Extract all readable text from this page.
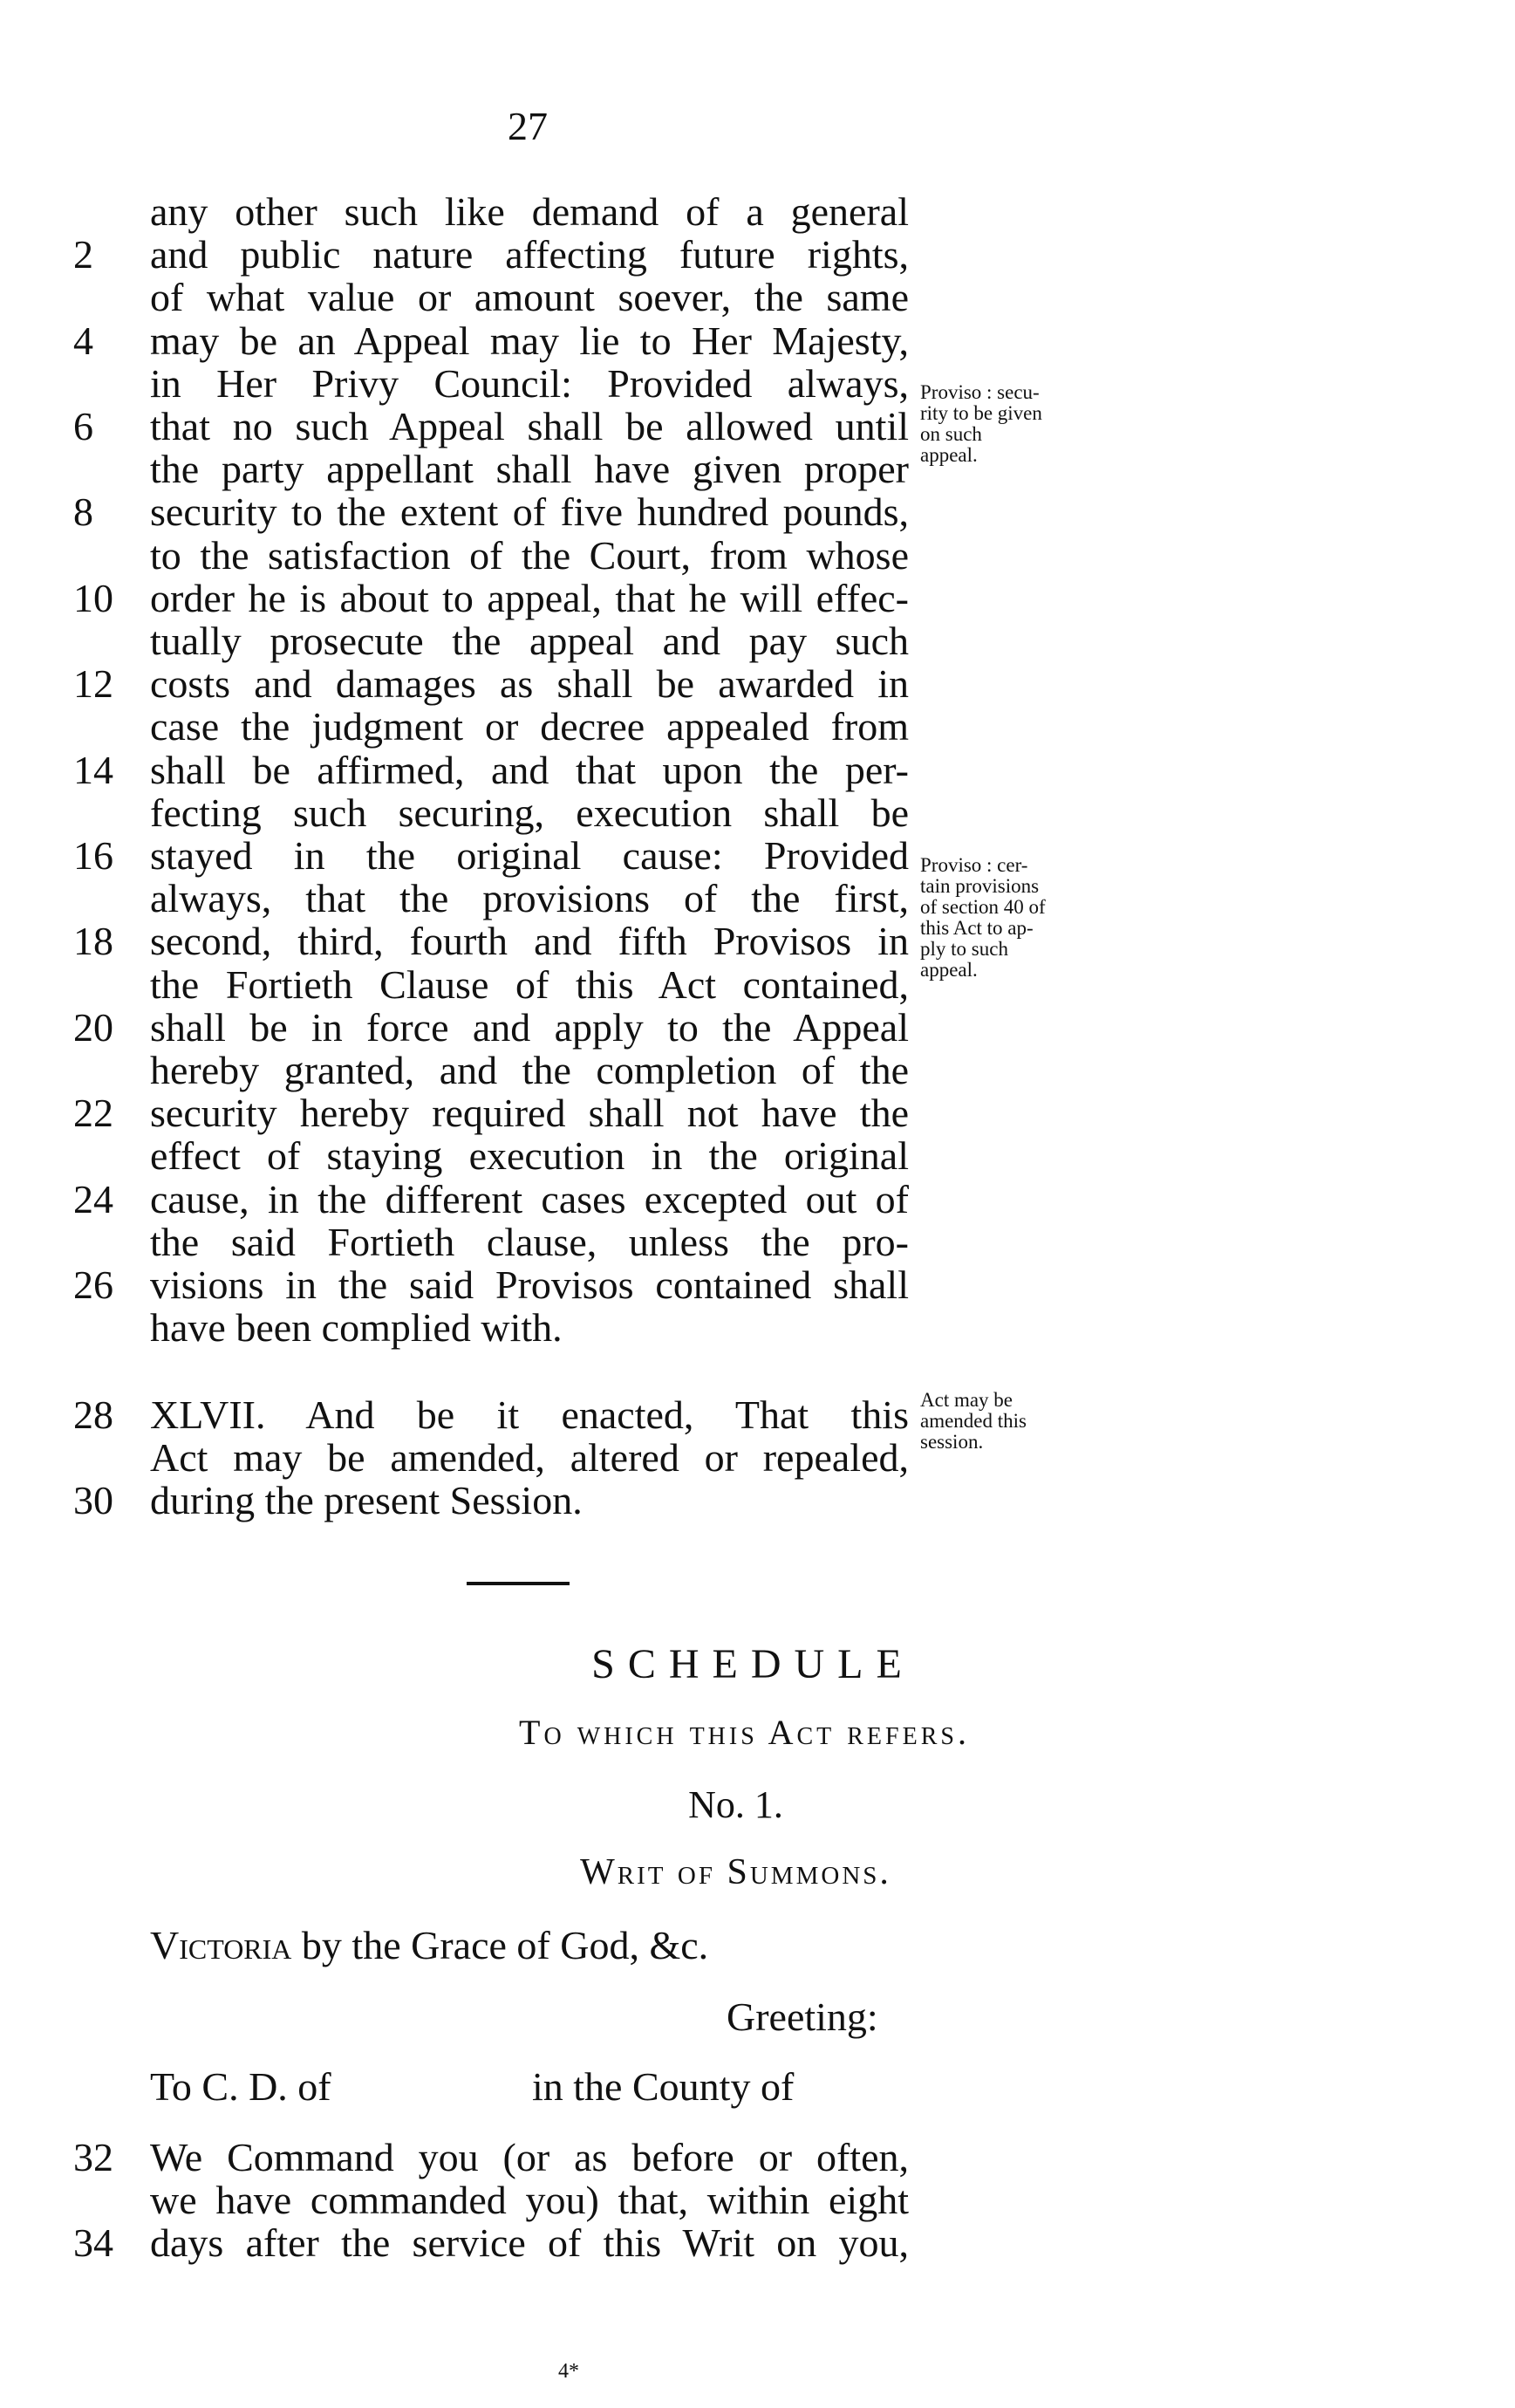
27
any other such like demand of a general
2	and public nature affecting future rights,
of what value or amount soever, the same
4	may be an Appeal may lie to Her Majesty,
in Her Privy Council: Provided always,
6	that no such Appeal shall be allowed until
the party appellant shall have given proper
8	security to the extent of five hundred pounds,
to the satisfaction of the Court, from whose
10 order he is about to appeal, that he will effec-
tually prosecute the appeal and pay such
12 costs and damages as shall be awarded in
case the judgment or decree appealed from
14 shall be affirmed, and that upon the per-
fecting such securing, execution shall be
16 stayed in the original cause: Provided
always, that the provisions of the first,
18 second, third, fourth and fifth Provisos in
the Fortieth Clause of this Act contained,
20 shall be in force and apply to the Appeal
hereby granted, and the completion of the
22 security hereby required shall not have the
effect of staying execution in the original
24 cause, in the different cases excepted out of
the said Fortieth clause, unless the pro-
26 visions in the said Provisos contained shall
have been complied with.
28 XLVII. And be it enacted, That this
Act may be amended, altered or repealed,
30 during the present Session.
Proviso : secu-
rity to be given
on such
appeal.
Proviso : cer-
tain provisions
of section 40 of
this Act to ap-
ply to such
appeal.
Act may be
amended this
session.
SCHEDULE
To which this Act refers.
No. 1.
Writ of Summons.
Victoria by the Grace of God, &c.
Greeting:
To C. D. of	in the County of
32 We Command you (or as before or often,
we have commanded you) that, within eight
34 days after the service of this Writ on you,
4*
